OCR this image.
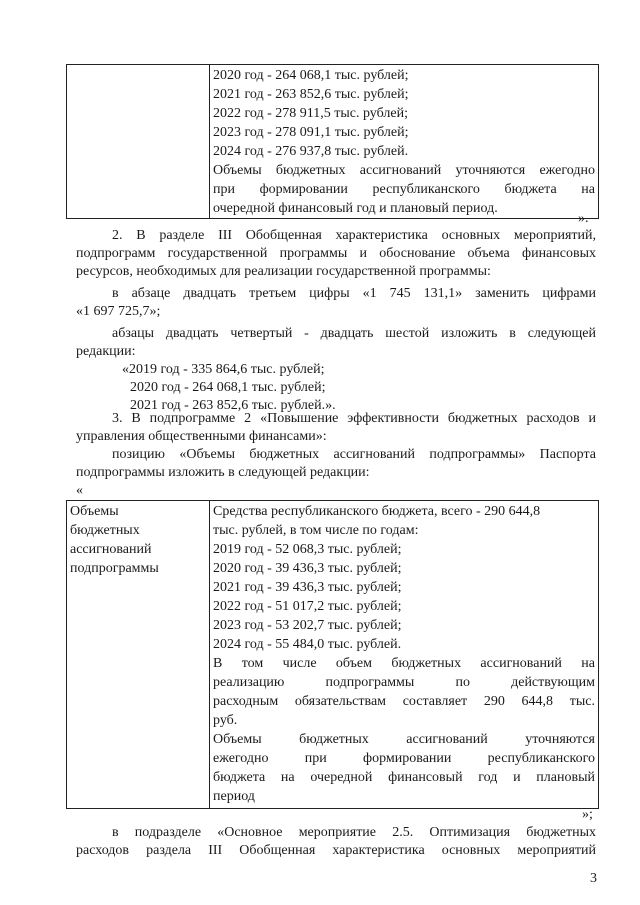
2020 год - 264 068,1 тыс. рублей;
2021 год - 263 852,6 тыс. рублей;
2022 год - 278 911,5 тыс. рублей;
2023 год - 278 091,1 тыс. рублей;
2024 год - 276 937,8 тыс. рублей.
Объемы бюджетных ассигнований уточняются ежегодно
при формировании республиканского бюджета на
очередной финансовый год и плановый период.
».
2. В разделе III Обобщенная характеристика основных мероприятий,
подпрограмм государственной программы и обоснование объема финансовых
ресурсов, необходимых для реализации государственной программы:
в абзаце двадцать третьем цифры «1 745 131,1» заменить цифрами
«1 697 725,7»;
абзацы двадцать четвертый - двадцать шестой изложить в следующей
редакции:
«2019 год - 335 864,6 тыс. рублей;
2020 год - 264 068,1 тыс. рублей;
2021 год - 263 852,6 тыс. рублей.».
3. В подпрограмме 2 «Повышение эффективности бюджетных расходов и
управления общественными финансами»:
позицию «Объемы бюджетных ассигнований подпрограммы» Паспорта
подпрограммы изложить в следующей редакции:
«
Объемы
бюджетных
ассигнований
подпрограммы

Средства республиканского бюджета, всего - 290 644,8
тыс. рублей, в том числе по годам:
2019 год - 52 068,3 тыс. рублей;
2020 год - 39 436,3 тыс. рублей;
2021 год - 39 436,3 тыс. рублей;
2022 год - 51 017,2 тыс. рублей;
2023 год - 53 202,7 тыс. рублей;
2024 год - 55 484,0 тыс. рублей.
В том числе объем бюджетных ассигнований на
реализацию подпрограммы по действующим
расходным обязательствам составляет 290 644,8 тыс.
руб.
Объемы бюджетных ассигнований уточняются
ежегодно при формировании республиканского
бюджета на очередной финансовый год и плановый
период
»;
в подразделе «Основное мероприятие 2.5. Оптимизация бюджетных
расходов раздела III Обобщенная характеристика основных мероприятий
3
